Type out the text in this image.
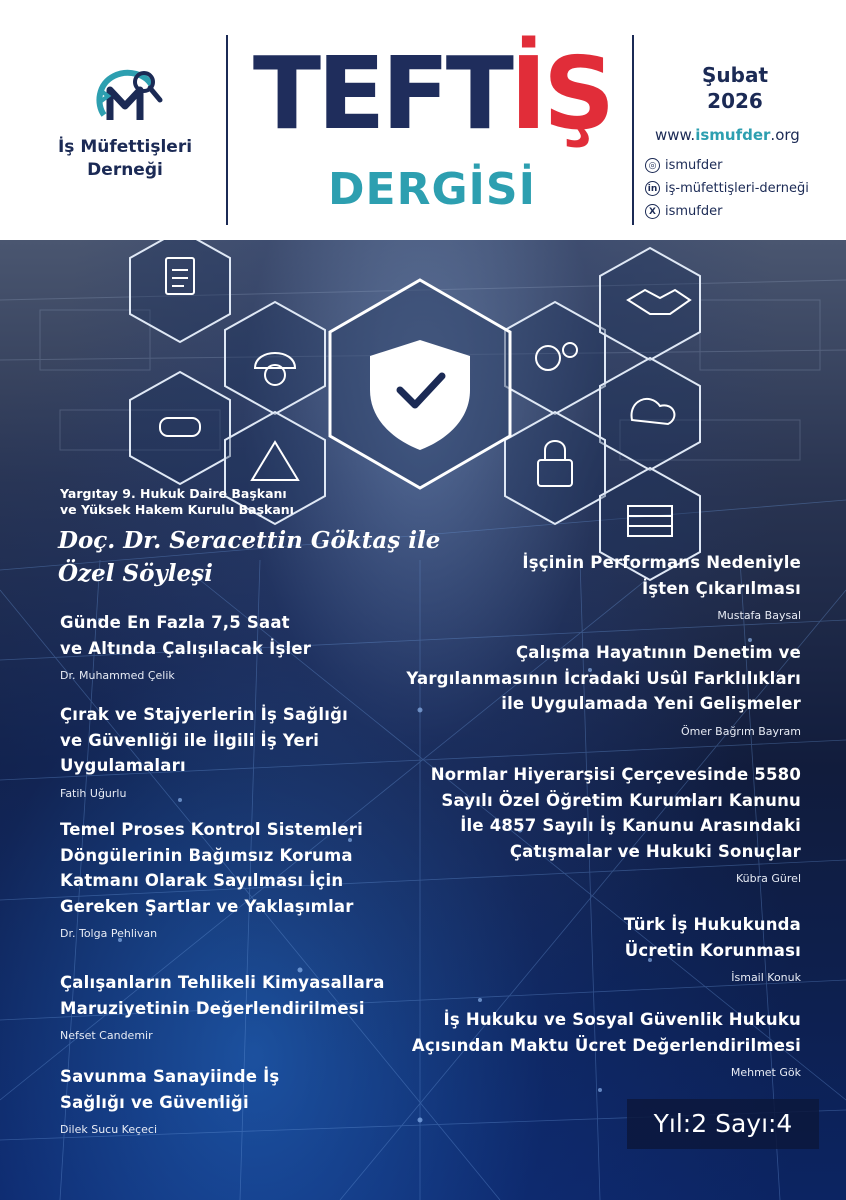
İş Müfettişleri
Derneği
TEFTİŞ
DERGİSİ
Şubat
2026
www.ismufder.org
◎ ismufder
in iş-müfettişleri-derneği
X ismufder
Yargıtay 9. Hukuk Daire Başkanı
ve Yüksek Hakem Kurulu Başkanı
Doç. Dr. Seracettin Göktaş ile
Özel Söyleşi
Günde En Fazla 7,5 Saat
ve Altında Çalışılacak İşler
Dr. Muhammed Çelik
Çırak ve Stajyerlerin İş Sağlığı
ve Güvenliği ile İlgili İş Yeri
Uygulamaları
Fatih Uğurlu
Temel Proses Kontrol Sistemleri
Döngülerinin Bağımsız Koruma
Katmanı Olarak Sayılması İçin
Gereken Şartlar ve Yaklaşımlar
Dr. Tolga Pehlivan
Çalışanların Tehlikeli Kimyasallara
Maruziyetinin Değerlendirilmesi
Nefset Candemir
Savunma Sanayiinde İş
Sağlığı ve Güvenliği
Dilek Sucu Keçeci
İşçinin Performans Nedeniyle
İşten Çıkarılması
Mustafa Baysal
Çalışma Hayatının Denetim ve
Yargılanmasının İcradaki Usûl Farklılıkları
ile Uygulamada Yeni Gelişmeler
Ömer Bağrım Bayram
Normlar Hiyerarşisi Çerçevesinde 5580
Sayılı Özel Öğretim Kurumları Kanunu
İle 4857 Sayılı İş Kanunu Arasındaki
Çatışmalar ve Hukuki Sonuçlar
Kübra Gürel
Türk İş Hukukunda
Ücretin Korunması
İsmail Konuk
İş Hukuku ve Sosyal Güvenlik Hukuku
Açısından Maktu Ücret Değerlendirilmesi
Mehmet Gök
Yıl:2 Sayı:4
